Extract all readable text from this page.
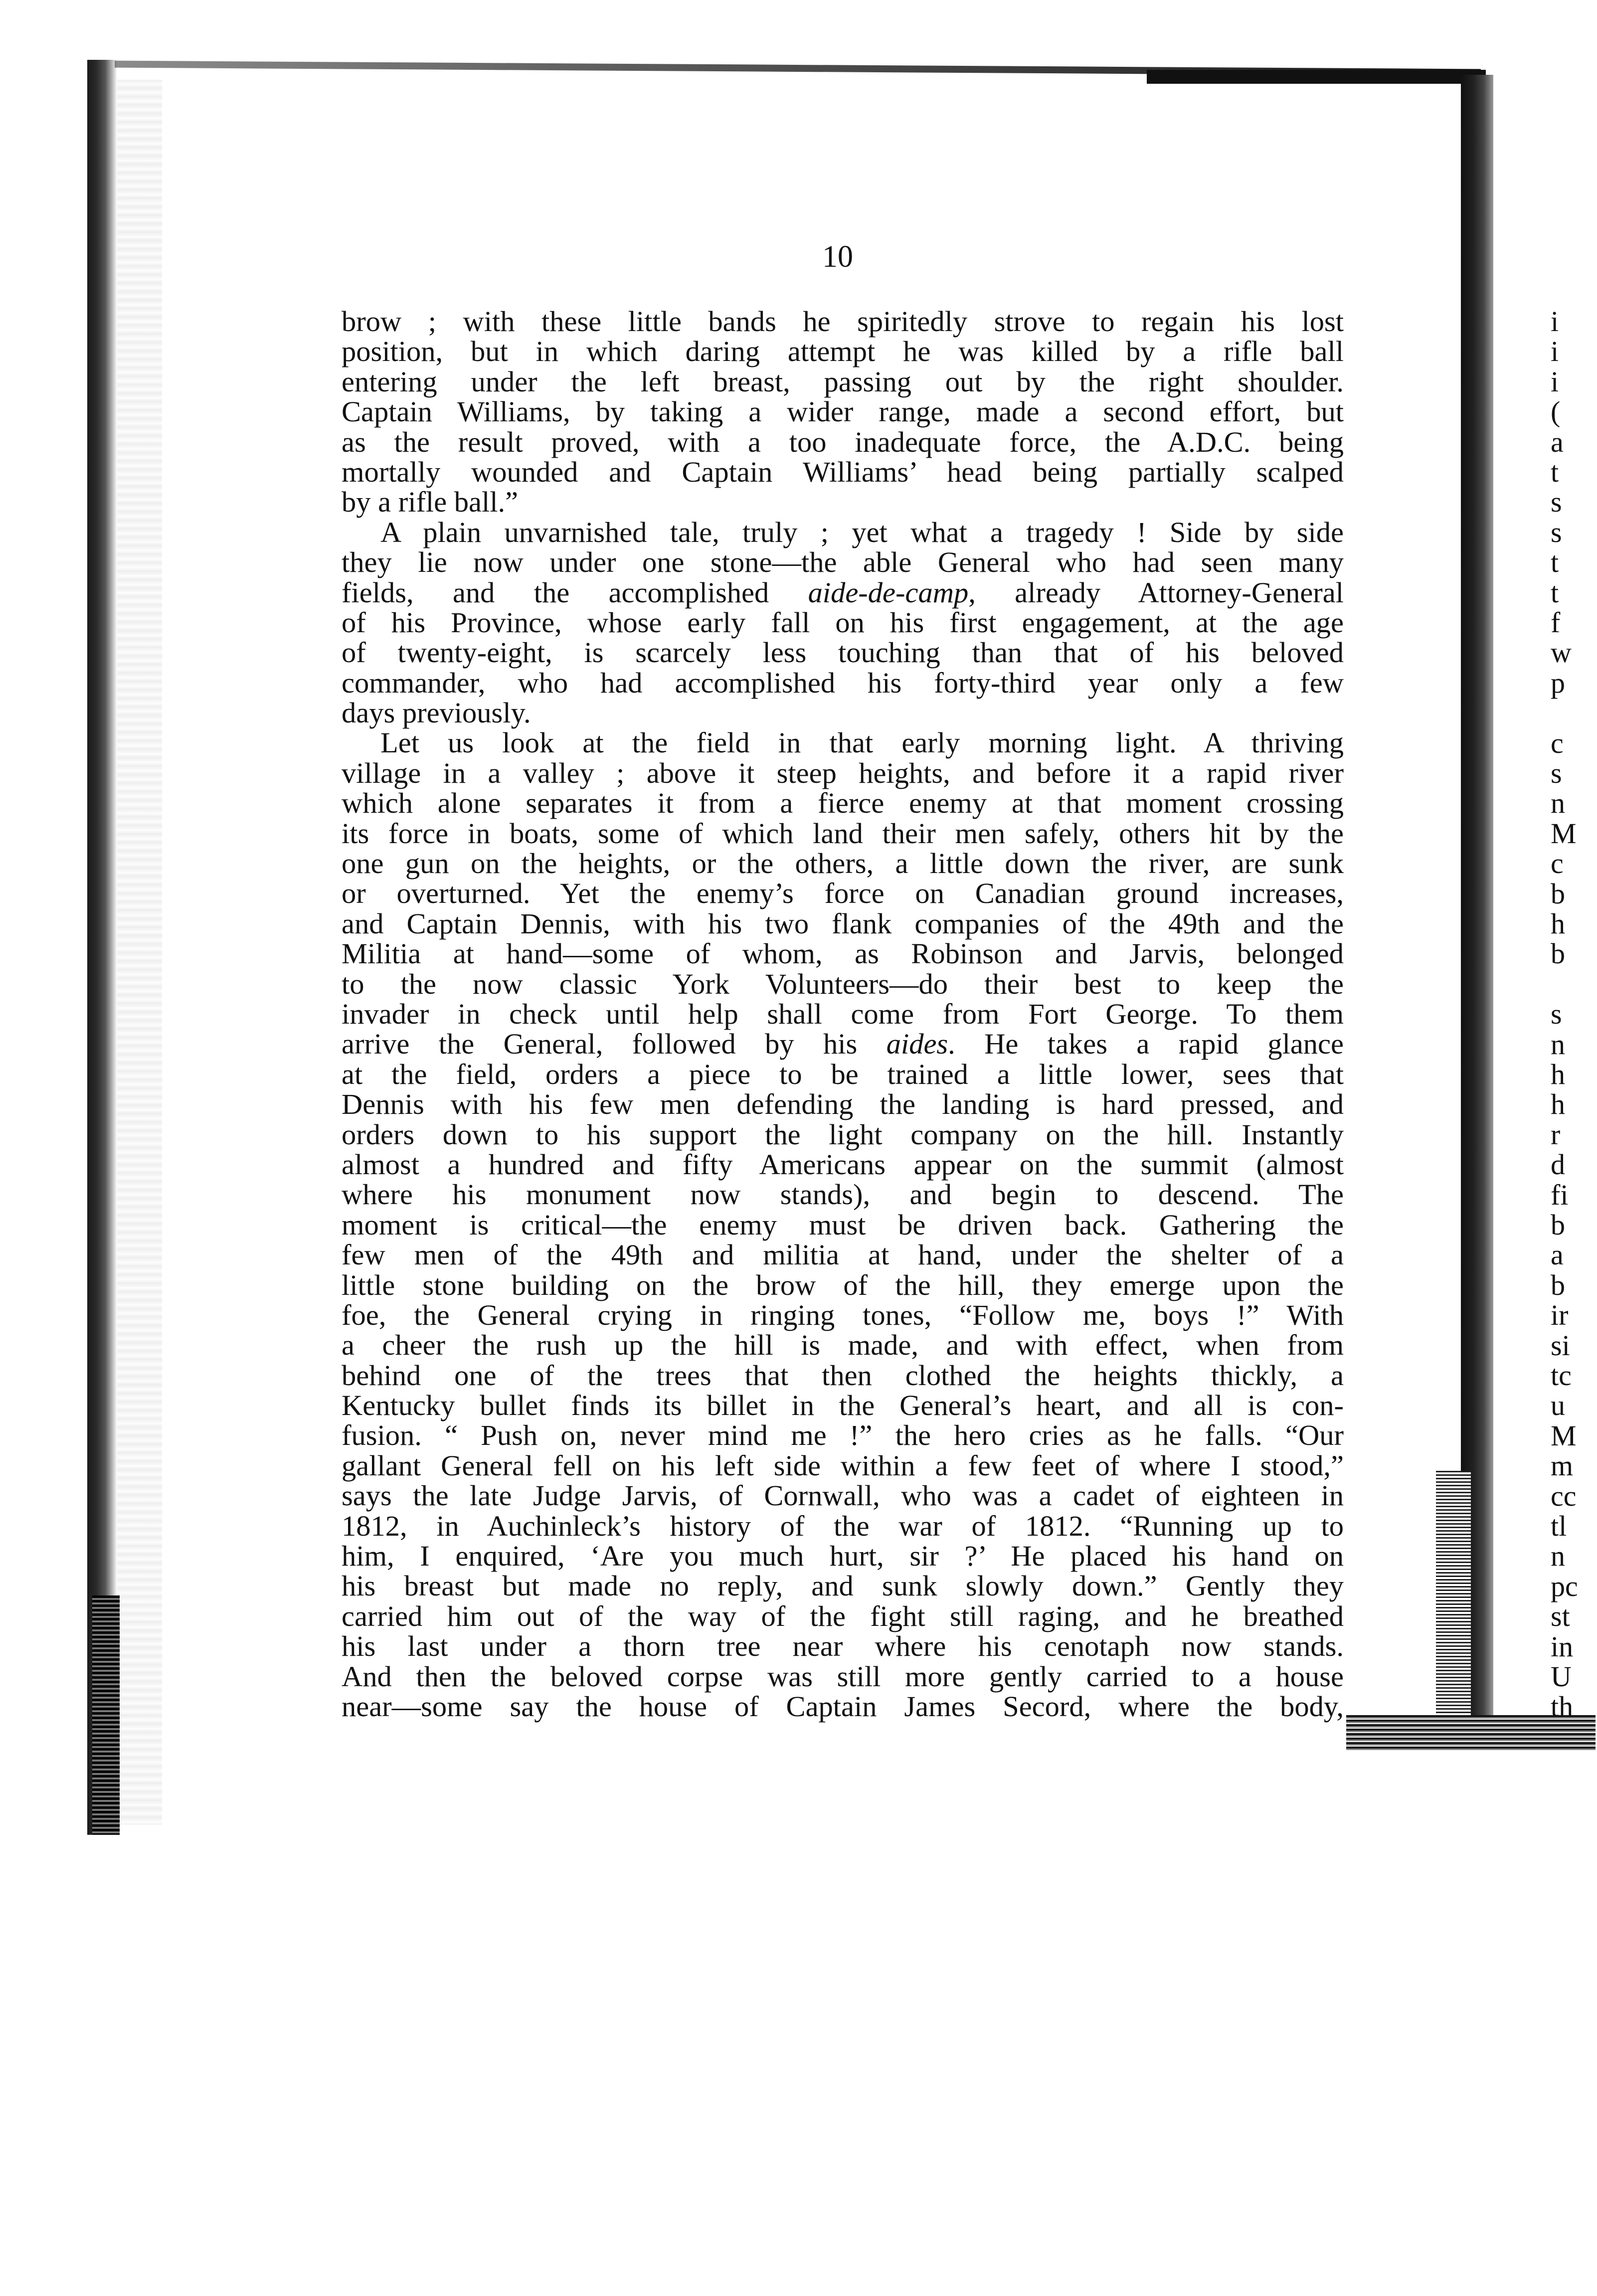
10
brow ; with these little bands he spiritedly strove to regain his lost
position, but in which daring attempt he was killed by a rifle ball
entering under the left breast, passing out by the right shoulder.
Captain Williams, by taking a wider range, made a second effort, but
as the result proved, with a too inadequate force, the A.D.C. being
mortally wounded and Captain Williams’ head being partially scalped
by a rifle ball.”
A plain unvarnished tale, truly ; yet what a tragedy ! Side by side
they lie now under one stone—the able General who had seen many
fields, and the accomplished aide-de-camp, already Attorney-General
of his Province, whose early fall on his first engagement, at the age
of twenty-eight, is scarcely less touching than that of his beloved
commander, who had accomplished his forty-third year only a few
days previously.
Let us look at the field in that early morning light. A thriving
village in a valley ; above it steep heights, and before it a rapid river
which alone separates it from a fierce enemy at that moment crossing
its force in boats, some of which land their men safely, others hit by the
one gun on the heights, or the others, a little down the river, are sunk
or overturned. Yet the enemy’s force on Canadian ground increases,
and Captain Dennis, with his two flank companies of the 49th and the
Militia at hand—some of whom, as Robinson and Jarvis, belonged
to the now classic York Volunteers—do their best to keep the
invader in check until help shall come from Fort George. To them
arrive the General, followed by his aides. He takes a rapid glance
at the field, orders a piece to be trained a little lower, sees that
Dennis with his few men defending the landing is hard pressed, and
orders down to his support the light company on the hill. Instantly
almost a hundred and fifty Americans appear on the summit (almost
where his monument now stands), and begin to descend. The
moment is critical—the enemy must be driven back. Gathering the
few men of the 49th and militia at hand, under the shelter of a
little stone building on the brow of the hill, they emerge upon the
foe, the General crying in ringing tones, “Follow me, boys !” With
a cheer the rush up the hill is made, and with effect, when from
behind one of the trees that then clothed the heights thickly, a
Kentucky bullet finds its billet in the General’s heart, and all is con-
fusion. “ Push on, never mind me !” the hero cries as he falls. “Our
gallant General fell on his left side within a few feet of where I stood,”
says the late Judge Jarvis, of Cornwall, who was a cadet of eighteen in
1812, in Auchinleck’s history of the war of 1812. “Running up to
him, I enquired, ‘Are you much hurt, sir ?’ He placed his hand on
his breast but made no reply, and sunk slowly down.” Gently they
carried him out of the way of the fight still raging, and he breathed
his last under a thorn tree near where his cenotaph now stands.
And then the beloved corpse was still more gently carried to a house
near—some say the house of Captain James Secord, where the body,
i
i
i
(
a
t
s
s
t
t
f
w
p
c
s
n
M
c
b
h
b
s
n
h
h
r
d
fi
b
a
b
ir
si
tc
u
M
m
cc
tl
n
pc
st
in
U
th
